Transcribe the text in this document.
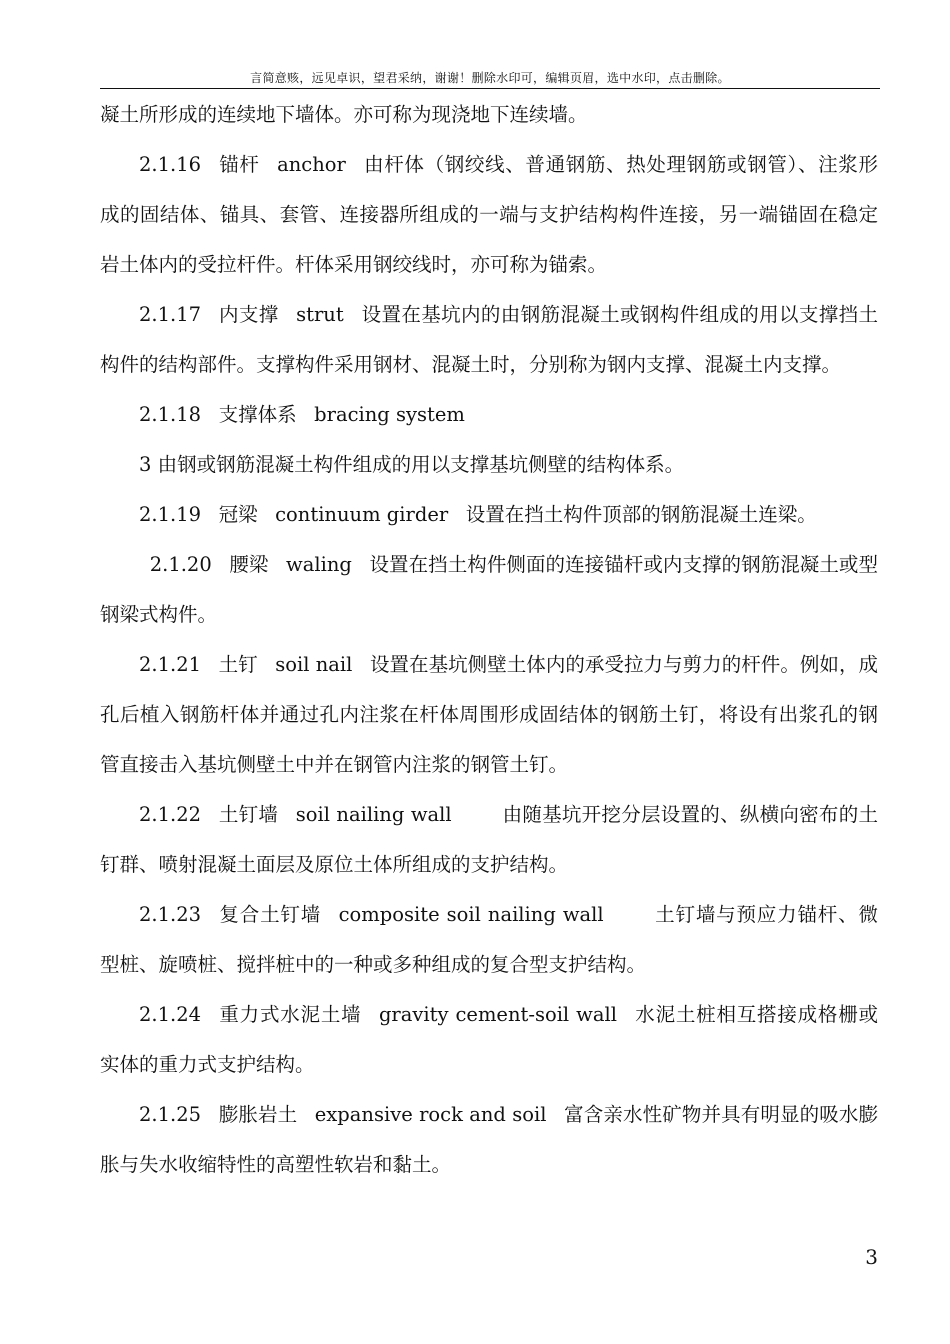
言简意赅，远见卓识，望君采纳，谢谢！删除水印可，编辑页眉，选中水印，点击删除。

凝土所形成的连续地下墙体。亦可称为现浇地下连续墙。

2.1.16 锚杆 anchor 由杆体（钢绞线、普通钢筋、热处理钢筋或钢管）、注浆形成的固结体、锚具、套管、连接器所组成的一端与支护结构构件连接，另一端锚固在稳定岩土体内的受拉杆件。杆体采用钢绞线时，亦可称为锚索。

2.1.17 内支撑 strut 设置在基坑内的由钢筋混凝土或钢构件组成的用以支撑挡土构件的结构部件。支撑构件采用钢材、混凝土时，分别称为钢内支撑、混凝土内支撑。

2.1.18 支撑体系 bracing system

3 由钢或钢筋混凝土构件组成的用以支撑基坑侧壁的结构体系。

2.1.19 冠梁 continuum girder 设置在挡土构件顶部的钢筋混凝土连梁。

2.1.20 腰梁 waling 设置在挡土构件侧面的连接锚杆或内支撑的钢筋混凝土或型钢梁式构件。

2.1.21 土钉 soil nail 设置在基坑侧壁土体内的承受拉力与剪力的杆件。例如，成孔后植入钢筋杆体并通过孔内注浆在杆体周围形成固结体的钢筋土钉，将设有出浆孔的钢管直接击入基坑侧壁土中并在钢管内注浆的钢管土钉。

2.1.22 土钉墙 soil nailing wall	由随基坑开挖分层设置的、纵横向密布的土钉群、喷射混凝土面层及原位土体所组成的支护结构。

2.1.23 复合土钉墙 composite soil nailing wall	土钉墙与预应力锚杆、微型桩、旋喷桩、搅拌桩中的一种或多种组成的复合型支护结构。

2.1.24 重力式水泥土墙 gravity cement-soil wall 水泥土桩相互搭接成格栅或实体的重力式支护结构。

2.1.25 膨胀岩土 expansive rock and soil 富含亲水性矿物并具有明显的吸水膨胀与失水收缩特性的高塑性软岩和黏土。

3
